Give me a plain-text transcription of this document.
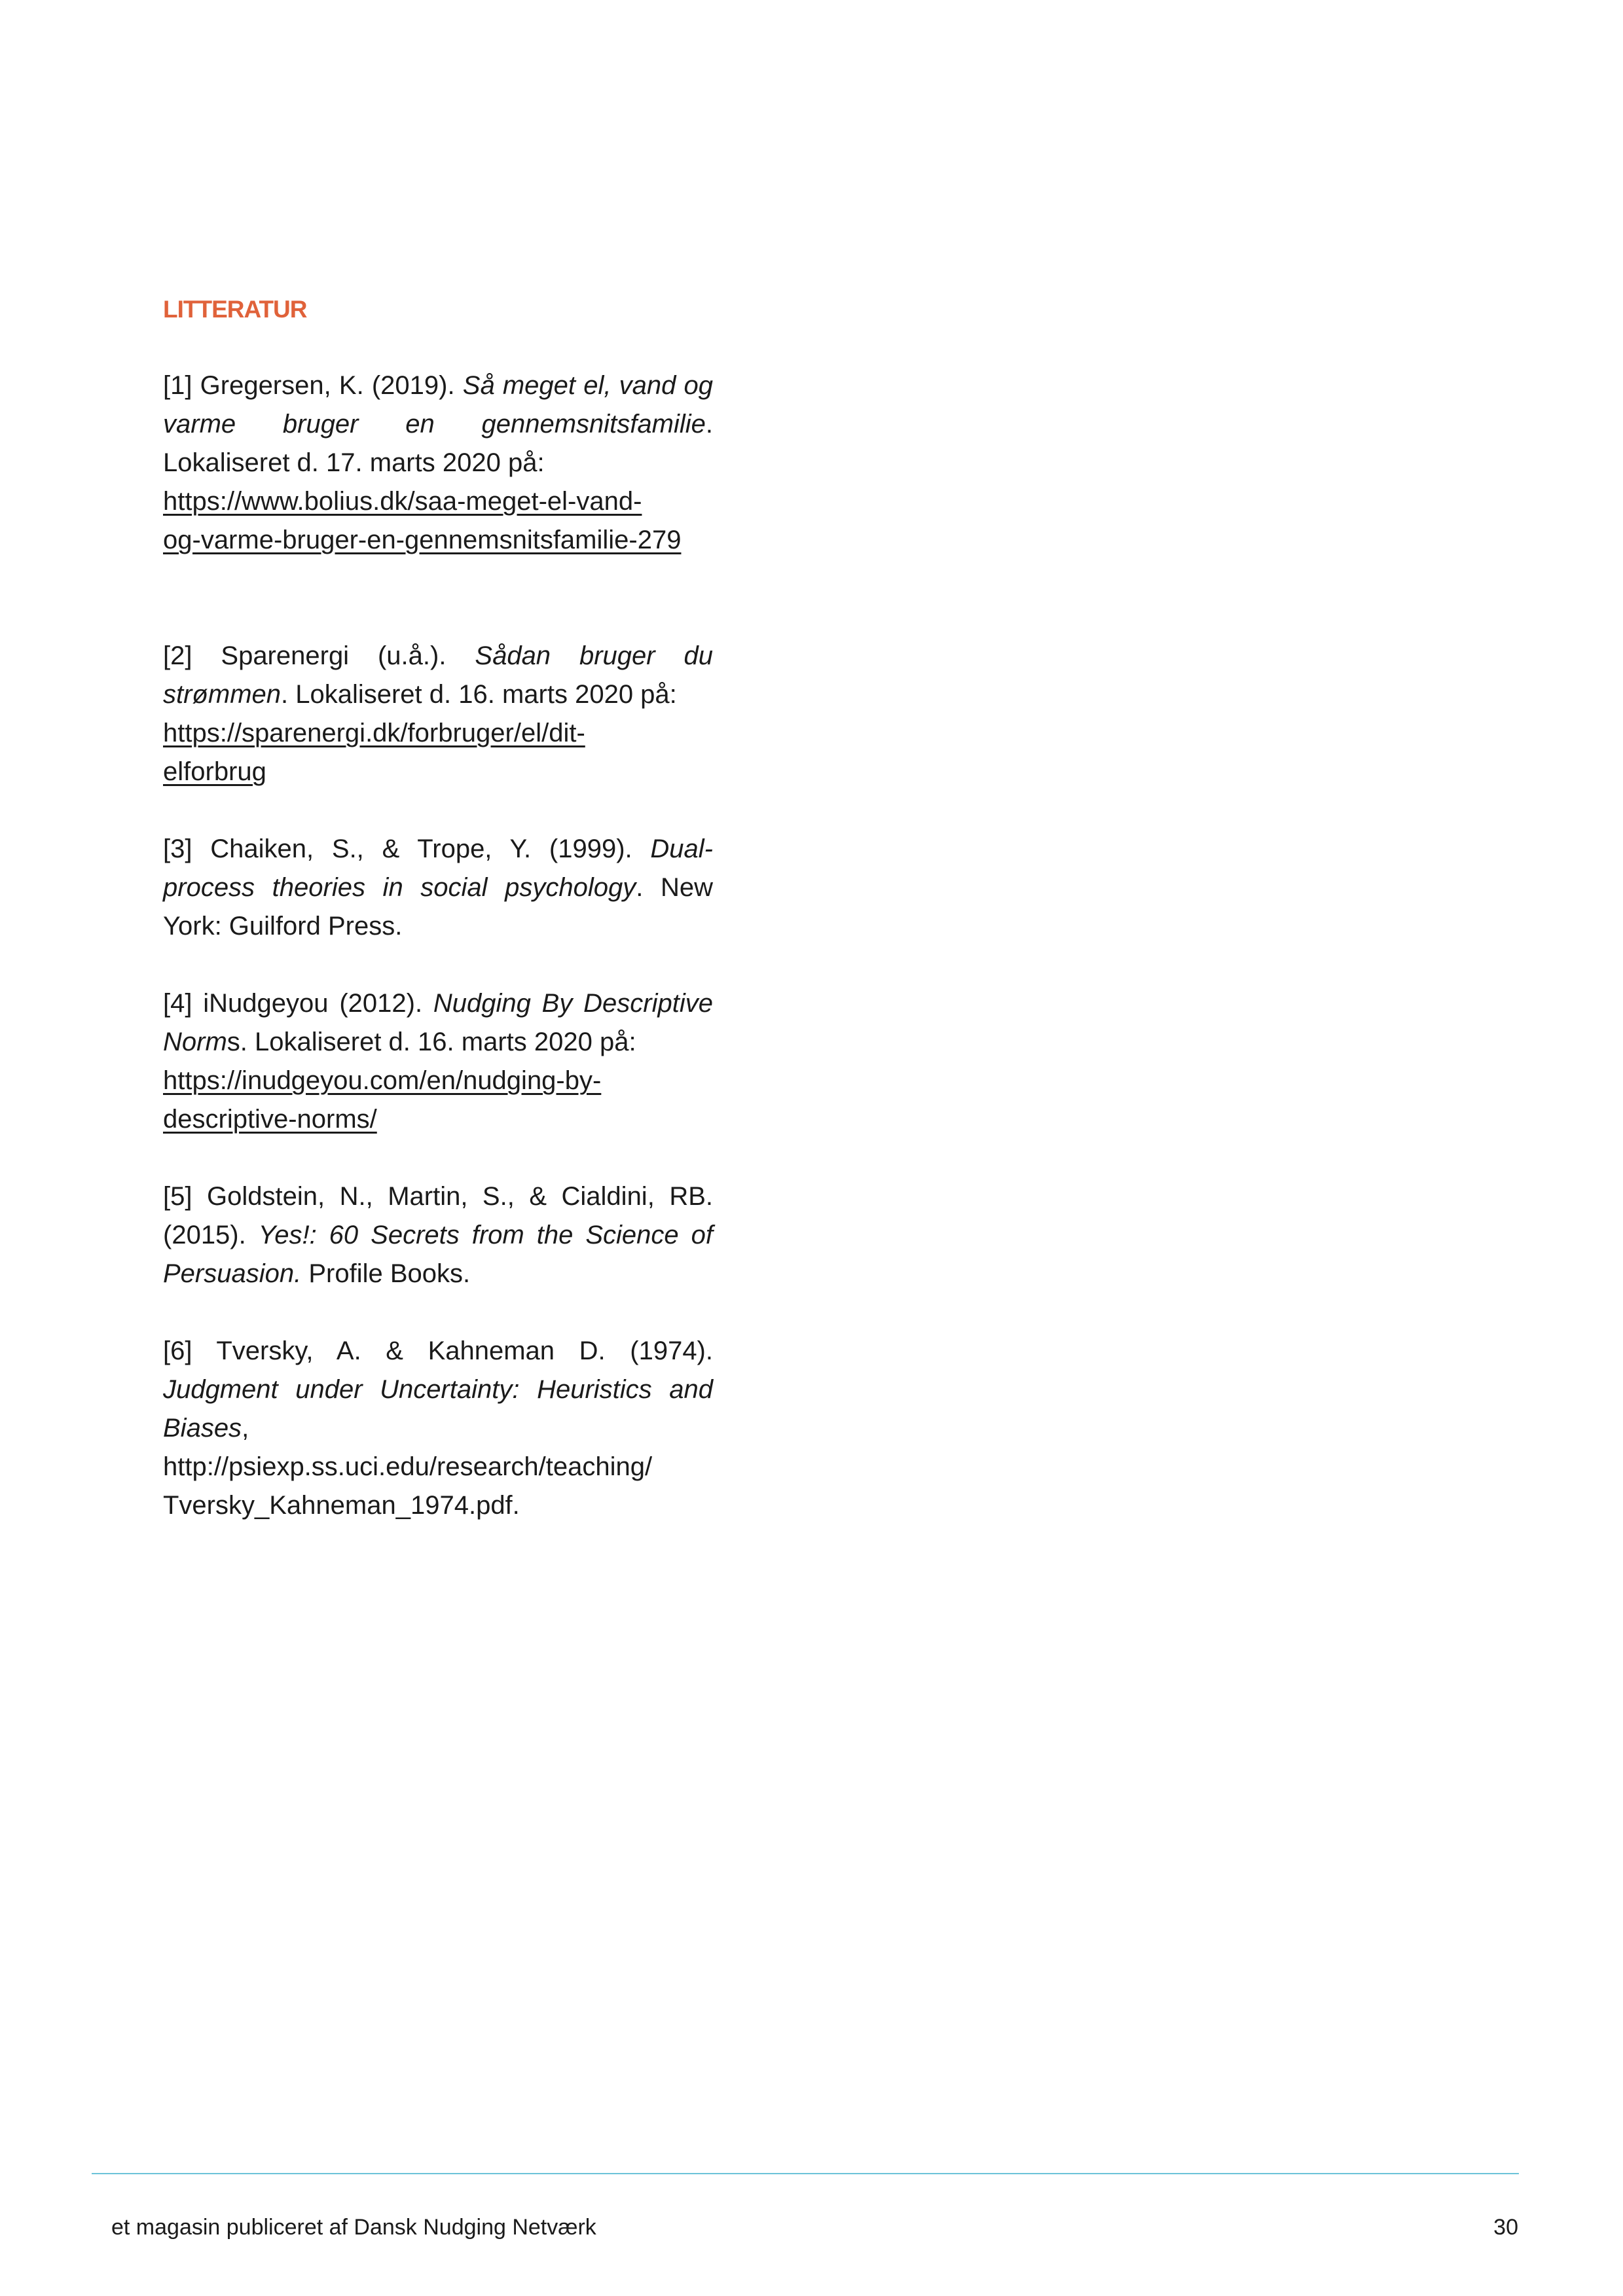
LITTERATUR

[1] Gregersen, K. (2019). Så meget el, vand og varme bruger en gennemsnitsfamilie. Lokaliseret d. 17. marts 2020 på:
https://www.bolius.dk/saa-meget-el-vand-
og-varme-bruger-en-gennemsnitsfamilie-279

[2] Sparenergi (u.å.). Sådan bruger du strømmen. Lokaliseret d. 16. marts 2020 på:
https://sparenergi.dk/forbruger/el/dit-
elforbrug

[3] Chaiken, S., & Trope, Y. (1999). Dual-process theories in social psychology. New York: Guilford Press.

[4] iNudgeyou (2012). Nudging By Descriptive Norms. Lokaliseret d. 16. marts 2020 på:
https://inudgeyou.com/en/nudging-by-
descriptive-norms/

[5] Goldstein, N., Martin, S., & Cialdini, RB. (2015). Yes!: 60 Secrets from the Science of Persuasion. Profile Books.

[6] Tversky, A. & Kahneman D. (1974). Judgment under Uncertainty: Heuristics and Biases,
http://psiexp.ss.uci.edu/research/teaching/
Tversky_Kahneman_1974.pdf.

et magasin publiceret af Dansk Nudging Netværk	30
